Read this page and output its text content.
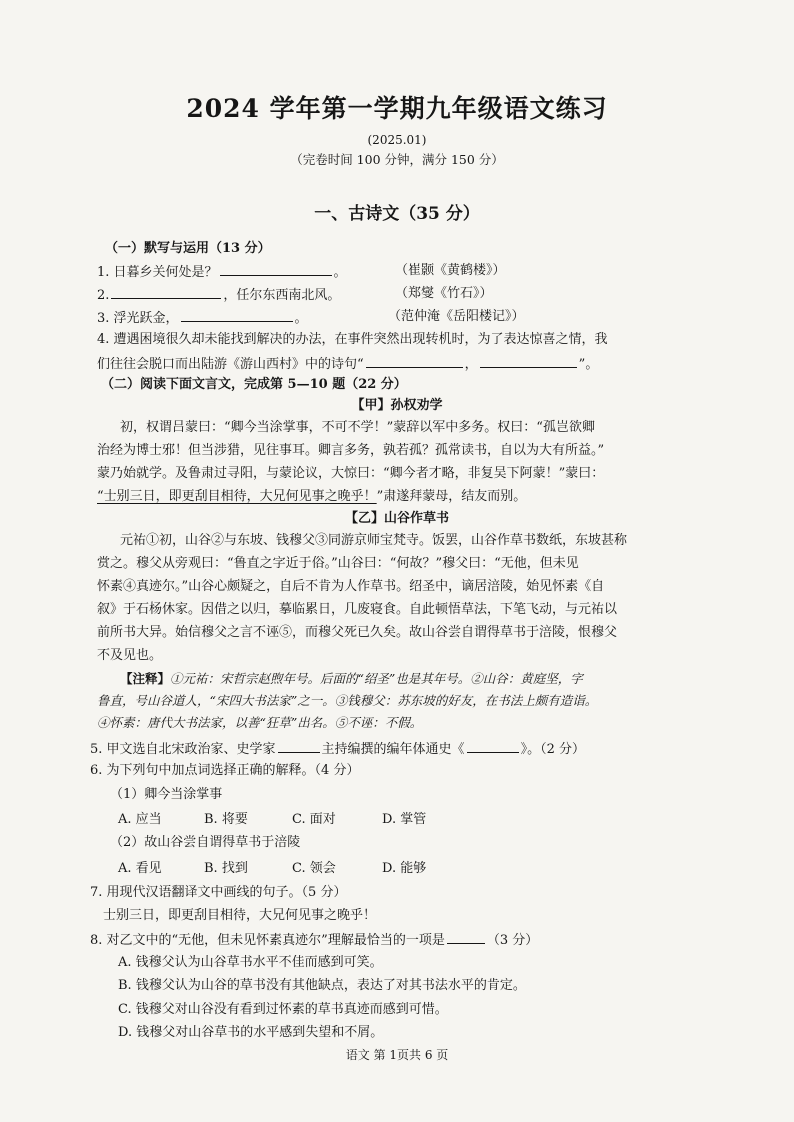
2024 学年第一学期九年级语文练习
(2025.01)
（完卷时间 100 分钟，满分 150 分）
一、古诗文（35 分）
（一）默写与运用（13 分）
1. 日暮乡关何处是？	。	（崔颢《黄鹤楼》）
2.	，任尔东西南北风。	（郑燮《竹石》）
3. 浮光跃金，	。	（范仲淹《岳阳楼记》）
4. 遭遇困境很久却未能找到解决的办法，在事件突然出现转机时，为了表达惊喜之情，我
们往往会脱口而出陆游《游山西村》中的诗句“	，	”。
（二）阅读下面文言文，完成第 5—10 题（22 分）
【甲】孙权劝学
初，权谓吕蒙曰：“卿今当涂掌事，不可不学！”蒙辞以军中多务。权曰：“孤岂欲卿
治经为博士邪！但当涉猎，见往事耳。卿言多务，孰若孤？孤常读书，自以为大有所益。”
蒙乃始就学。及鲁肃过寻阳，与蒙论议，大惊曰：“卿今者才略，非复吴下阿蒙！”蒙曰：
“士别三日，即更刮目相待，大兄何见事之晚乎！”肃遂拜蒙母，结友而别。
【乙】山谷作草书
元祐①初，山谷②与东坡、钱穆父③同游京师宝梵寺。饭罢，山谷作草书数纸，东坡甚称
赏之。穆父从旁观曰：“鲁直之字近于俗。”山谷曰：“何故？”穆父曰：“无他，但未见
怀素④真迹尔。”山谷心颇疑之，自后不肯为人作草书。绍圣中，谪居涪陵，始见怀素《自
叙》于石杨休家。因借之以归，摹临累日，几废寝食。自此顿悟草法，下笔飞动，与元祐以
前所书大异。始信穆父之言不诬⑤，而穆父死已久矣。故山谷尝自谓得草书于涪陵，恨穆父
不及见也。
【注释】①元祐：宋哲宗赵煦年号。后面的“绍圣”也是其年号。②山谷：黄庭坚，字
鲁直，号山谷道人，“宋四大书法家”之一。③钱穆父：苏东坡的好友，在书法上颇有造诣。
④怀素：唐代大书法家，以善“狂草”出名。⑤不诬：不假。
5. 甲文选自北宋政治家、史学家	主持编撰的编年体通史《	》。（2 分）
6. 为下列句中加点词选择正确的解释。（4 分）
（1）卿今当涂掌事
A. 应当	B. 将要	C. 面对	D. 掌管
（2）故山谷尝自谓得草书于涪陵
A. 看见	B. 找到	C. 领会	D. 能够
7. 用现代汉语翻译文中画线的句子。（5 分）
士别三日，即更刮目相待，大兄何见事之晚乎！
8. 对乙文中的“无他，但未见怀素真迹尔”理解最恰当的一项是	（3 分）
A. 钱穆父认为山谷草书水平不佳而感到可笑。
B. 钱穆父认为山谷的草书没有其他缺点，表达了对其书法水平的肯定。
C. 钱穆父对山谷没有看到过怀素的草书真迹而感到可惜。
D. 钱穆父对山谷草书的水平感到失望和不屑。
语文 第 1页共 6 页
